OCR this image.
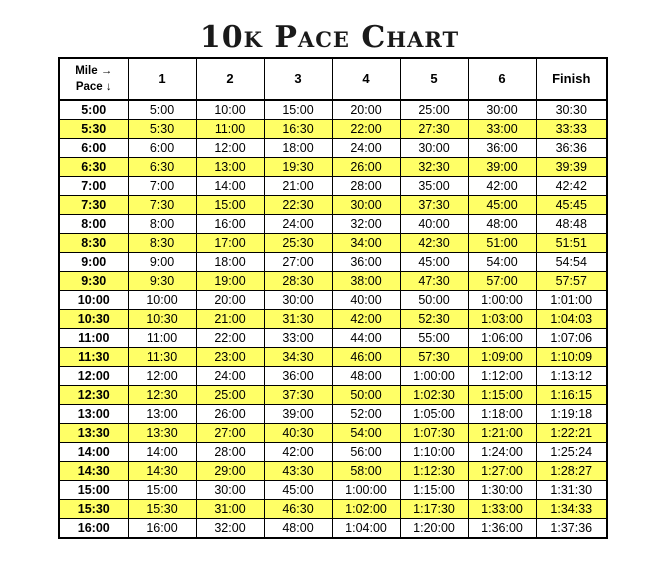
10k Pace Chart
Mile →
Pace ↓	1	2	3	4	5	6	Finish
5:00	5:00	10:00	15:00	20:00	25:00	30:00	30:30
5:30	5:30	11:00	16:30	22:00	27:30	33:00	33:33
6:00	6:00	12:00	18:00	24:00	30:00	36:00	36:36
6:30	6:30	13:00	19:30	26:00	32:30	39:00	39:39
7:00	7:00	14:00	21:00	28:00	35:00	42:00	42:42
7:30	7:30	15:00	22:30	30:00	37:30	45:00	45:45
8:00	8:00	16:00	24:00	32:00	40:00	48:00	48:48
8:30	8:30	17:00	25:30	34:00	42:30	51:00	51:51
9:00	9:00	18:00	27:00	36:00	45:00	54:00	54:54
9:30	9:30	19:00	28:30	38:00	47:30	57:00	57:57
10:00	10:00	20:00	30:00	40:00	50:00	1:00:00	1:01:00
10:30	10:30	21:00	31:30	42:00	52:30	1:03:00	1:04:03
11:00	11:00	22:00	33:00	44:00	55:00	1:06:00	1:07:06
11:30	11:30	23:00	34:30	46:00	57:30	1:09:00	1:10:09
12:00	12:00	24:00	36:00	48:00	1:00:00	1:12:00	1:13:12
12:30	12:30	25:00	37:30	50:00	1:02:30	1:15:00	1:16:15
13:00	13:00	26:00	39:00	52:00	1:05:00	1:18:00	1:19:18
13:30	13:30	27:00	40:30	54:00	1:07:30	1:21:00	1:22:21
14:00	14:00	28:00	42:00	56:00	1:10:00	1:24:00	1:25:24
14:30	14:30	29:00	43:30	58:00	1:12:30	1:27:00	1:28:27
15:00	15:00	30:00	45:00	1:00:00	1:15:00	1:30:00	1:31:30
15:30	15:30	31:00	46:30	1:02:00	1:17:30	1:33:00	1:34:33
16:00	16:00	32:00	48:00	1:04:00	1:20:00	1:36:00	1:37:36
